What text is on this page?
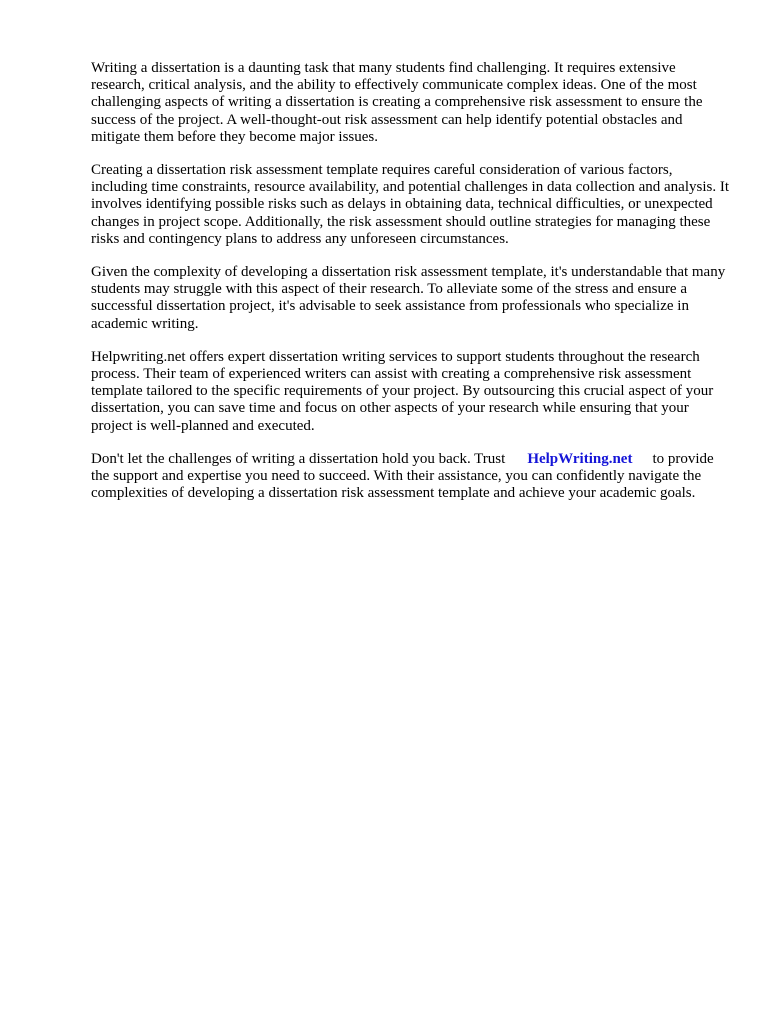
Writing a dissertation is a daunting task that many students find challenging. It requires extensive research, critical analysis, and the ability to effectively communicate complex ideas. One of the most challenging aspects of writing a dissertation is creating a comprehensive risk assessment to ensure the success of the project. A well-thought-out risk assessment can help identify potential obstacles and mitigate them before they become major issues.

Creating a dissertation risk assessment template requires careful consideration of various factors, including time constraints, resource availability, and potential challenges in data collection and analysis. It involves identifying possible risks such as delays in obtaining data, technical difficulties, or unexpected changes in project scope. Additionally, the risk assessment should outline strategies for managing these risks and contingency plans to address any unforeseen circumstances.

Given the complexity of developing a dissertation risk assessment template, it's understandable that many students may struggle with this aspect of their research. To alleviate some of the stress and ensure a successful dissertation project, it's advisable to seek assistance from professionals who specialize in academic writing.

Helpwriting.net offers expert dissertation writing services to support students throughout the research process. Their team of experienced writers can assist with creating a comprehensive risk assessment template tailored to the specific requirements of your project. By outsourcing this crucial aspect of your dissertation, you can save time and focus on other aspects of your research while ensuring that your project is well-planned and executed.

Don't let the challenges of writing a dissertation hold you back. Trust HelpWriting.net to provide the support and expertise you need to succeed. With their assistance, you can confidently navigate the complexities of developing a dissertation risk assessment template and achieve your academic goals.
